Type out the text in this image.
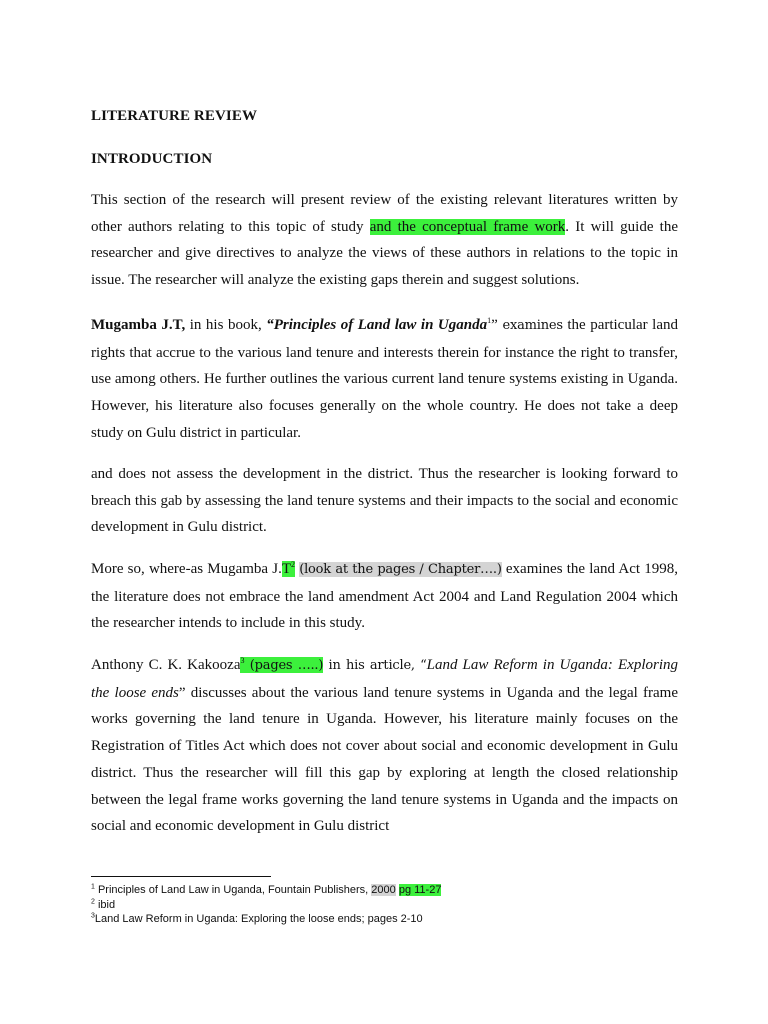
LITERATURE REVIEW
INTRODUCTION
This section of the research will present review of the existing relevant literatures written by other authors relating to this topic of study and the conceptual frame work. It will guide the researcher and give directives to analyze the views of these authors in relations to the topic in issue. The researcher will analyze the existing gaps therein and suggest solutions.
Mugamba J.T, in his book, “Principles of Land law in Uganda$^1$” examines the particular land rights that accrue to the various land tenure and interests therein for instance the right to transfer, use among others. He further outlines the various current land tenure systems existing in Uganda. However, his literature also focuses generally on the whole country. He does not take a deep study on Gulu district in particular.
and does not assess the development in the district. Thus the researcher is looking forward to breach this gab by assessing the land tenure systems and their impacts to the social and economic development in Gulu district.
More so, where-as Mugamba $J.T^2$ (look at the pages / Chapter….) examines the land Act 1998, the literature does not embrace the land amendment Act 2004 and Land Regulation 2004 which the researcher intends to include in this study.
Anthony C. K. Kakooza$^3$ (pages …..) in his article, “Land Law Reform in Uganda: Exploring the loose ends” discusses about the various land tenure systems in Uganda and the legal frame works governing the land tenure in Uganda. However, his literature mainly focuses on the Registration of Titles Act which does not cover about social and economic development in Gulu district. Thus the researcher will fill this gap by exploring at length the closed relationship between the legal frame works governing the land tenure systems in Uganda and the impacts on social and economic development in Gulu district
$^1$ Principles of Land Law in Uganda, Fountain Publishers, 2000 pg 11-27
$^2$ ibid
$^3$Land Law Reform in Uganda: Exploring the loose ends; pages 2-10
